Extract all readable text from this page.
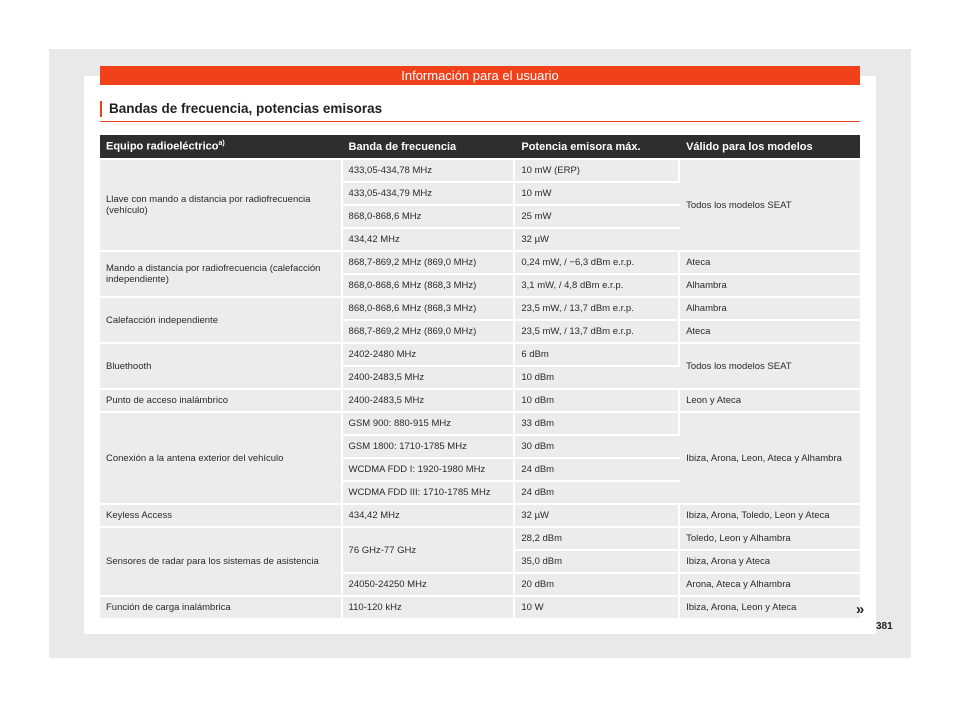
Información para el usuario
Bandas de frecuencia, potencias emisoras
Equipo radioeléctrico$^{a)}$	Banda de frecuencia	Potencia emisora máx.	Válido para los modelos
Llave con mando a distancia por radiofrecuencia (vehículo)	433,05-434,78 MHz	10 mW (ERP)	Todos los modelos SEAT
	433,05-434,79 MHz	10 mW	
	868,0-868,6 MHz	25 mW	
	434,42 MHz	32 µW	
Mando a distancia por radiofrecuencia (calefacción independiente)	868,7-869,2 MHz (869,0 MHz)	0,24 mW, / −6,3 dBm e.r.p.	Ateca
	868,0-868,6 MHz (868,3 MHz)	3,1 mW, / 4,8 dBm e.r.p.	Alhambra
Calefacción independiente	868,0-868,6 MHz (868,3 MHz)	23,5 mW, / 13,7 dBm e.r.p.	Alhambra
	868,7-869,2 MHz (869,0 MHz)	23,5 mW, / 13,7 dBm e.r.p.	Ateca
Bluethooth	2402-2480 MHz	6 dBm	Todos los modelos SEAT
	2400-2483,5 MHz	10 dBm	
Punto de acceso inalámbrico	2400-2483,5 MHz	10 dBm	Leon y Ateca
Conexión a la antena exterior del vehículo	GSM 900: 880-915 MHz	33 dBm	Ibiza, Arona, Leon, Ateca y Alhambra
	GSM 1800: 1710-1785 MHz	30 dBm	
	WCDMA FDD I: 1920-1980 MHz	24 dBm	
	WCDMA FDD III: 1710-1785 MHz	24 dBm	
Keyless Access	434,42 MHz	32 µW	Ibiza, Arona, Toledo, Leon y Ateca
Sensores de radar para los sistemas de asistencia	76 GHz-77 GHz	28,2 dBm	Toledo, Leon y Alhambra
		35,0 dBm	Ibiza, Arona y Ateca
	24050-24250 MHz	20 dBm	Arona, Ateca y Alhambra
Función de carga inalámbrica	110-120 kHz	10 W	Ibiza, Arona, Leon y Ateca	»
381
